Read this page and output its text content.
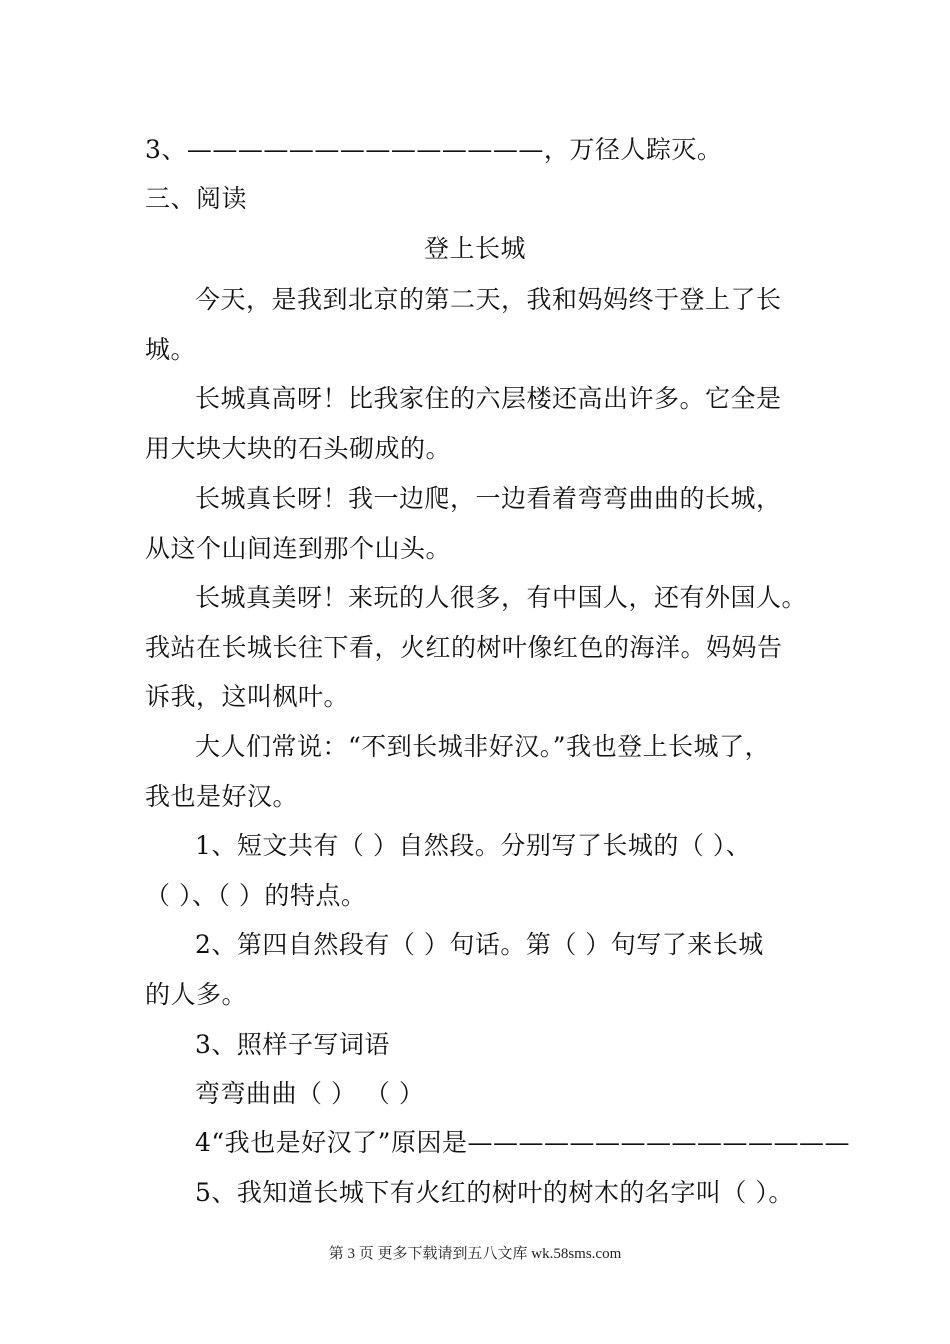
3、——————————————，万径人踪灭。
三、阅读
登上长城
今天，是我到北京的第二天，我和妈妈终于登上了长
城。
长城真高呀！比我家住的六层楼还高出许多。它全是
用大块大块的石头砌成的。
长城真长呀！我一边爬，一边看着弯弯曲曲的长城，
从这个山间连到那个山头。
长城真美呀！来玩的人很多，有中国人，还有外国人。
我站在长城长往下看，火红的树叶像红色的海洋。妈妈告
诉我，这叫枫叶。
大人们常说：“不到长城非好汉。”我也登上长城了，
我也是好汉。
1、短文共有（ ）自然段。分别写了长城的（ ）、
（ ）、（ ）的特点。
2、第四自然段有（ ）句话。第（ ）句写了来长城
的人多。
3、照样子写词语
弯弯曲曲（ ） （ ）
4“我也是好汉了”原因是———————————————
5、我知道长城下有火红的树叶的树木的名字叫（ ）。
第 3 页 更多下载请到五八文库 wk.58sms.com
